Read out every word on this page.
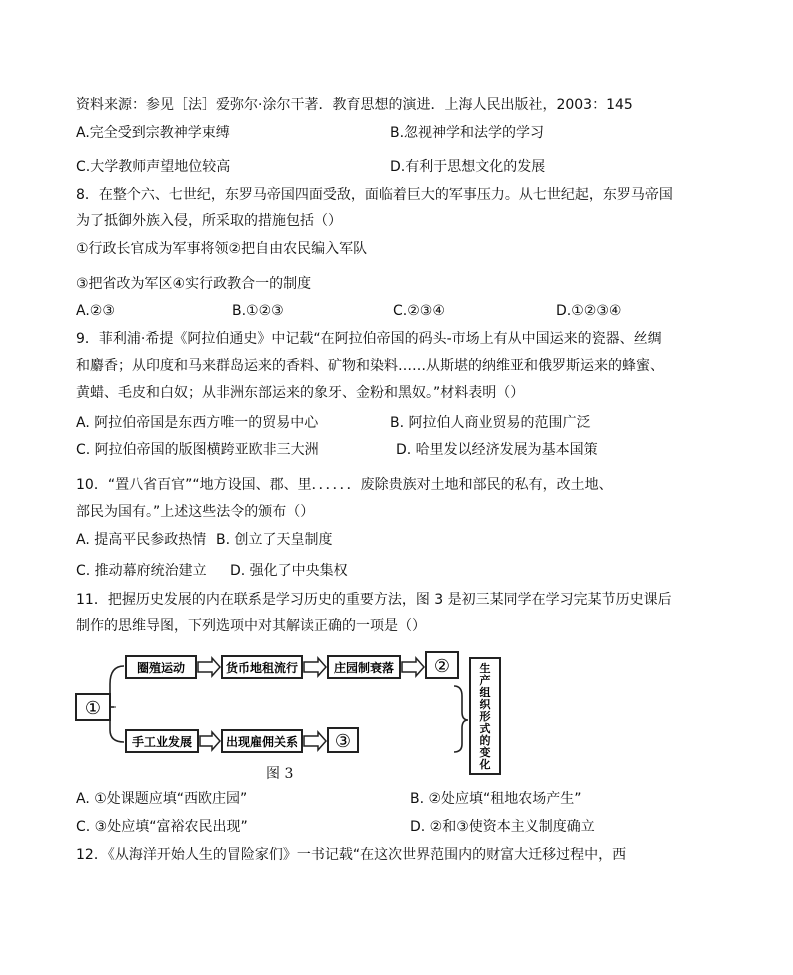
资料来源：参见［法］爱弥尔·涂尔干著．教育思想的演进．上海人民出版社，2003：145
A.完全受到宗教神学束缚	B.忽视神学和法学的学习
C.大学教师声望地位较高	D.有利于思想文化的发展
8．在整个六、七世纪，东罗马帝国四面受敌，面临着巨大的军事压力。从七世纪起，东罗马帝国
为了抵御外族入侵，所采取的措施包括（）
①行政长官成为军事将领②把自由农民编入军队
③把省改为军区④实行政教合一的制度
A.②③	B.①②③	C.②③④	D.①②③④
9．菲利浦·希提《阿拉伯通史》中记载“在阿拉伯帝国的码头-市场上有从中国运来的瓷器、丝绸
和麝香；从印度和马来群岛运来的香料、矿物和染料……从斯堪的纳维亚和俄罗斯运来的蜂蜜、
黄蜡、毛皮和白奴；从非洲东部运来的象牙、金粉和黑奴。”材料表明（）
A. 阿拉伯帝国是东西方唯一的贸易中心	B. 阿拉伯人商业贸易的范围广泛
C. 阿拉伯帝国的版图横跨亚欧非三大洲	D. 哈里发以经济发展为基本国策
10．“置八省百官”“地方设国、郡、里．．．．．．废除贵族对土地和部民的私有，改土地、
部民为国有。”上述这些法令的颁布（）
A. 提高平民参政热情 B. 创立了天皇制度
C. 推动幕府统治建立 D. 强化了中央集权
11．把握历史发展的内在联系是学习历史的重要方法，图 3 是初三某同学在学习完某节历史课后
制作的思维导图，下列选项中对其解读正确的一项是（）
①
圈殖运动	货币地租流行	庄园制衰落 ②
手工业发展	出现雇佣关系 ③
生
产
组
织
形
式
的
变
化
图 3
A. ①处课题应填“西欧庄园”	B. ②处应填“租地农场产生”
C. ③处应填“富裕农民出现”	D. ②和③使资本主义制度确立
12．《从海洋开始人生的冒险家们》一书记载“在这次世界范围内的财富大迁移过程中，西
